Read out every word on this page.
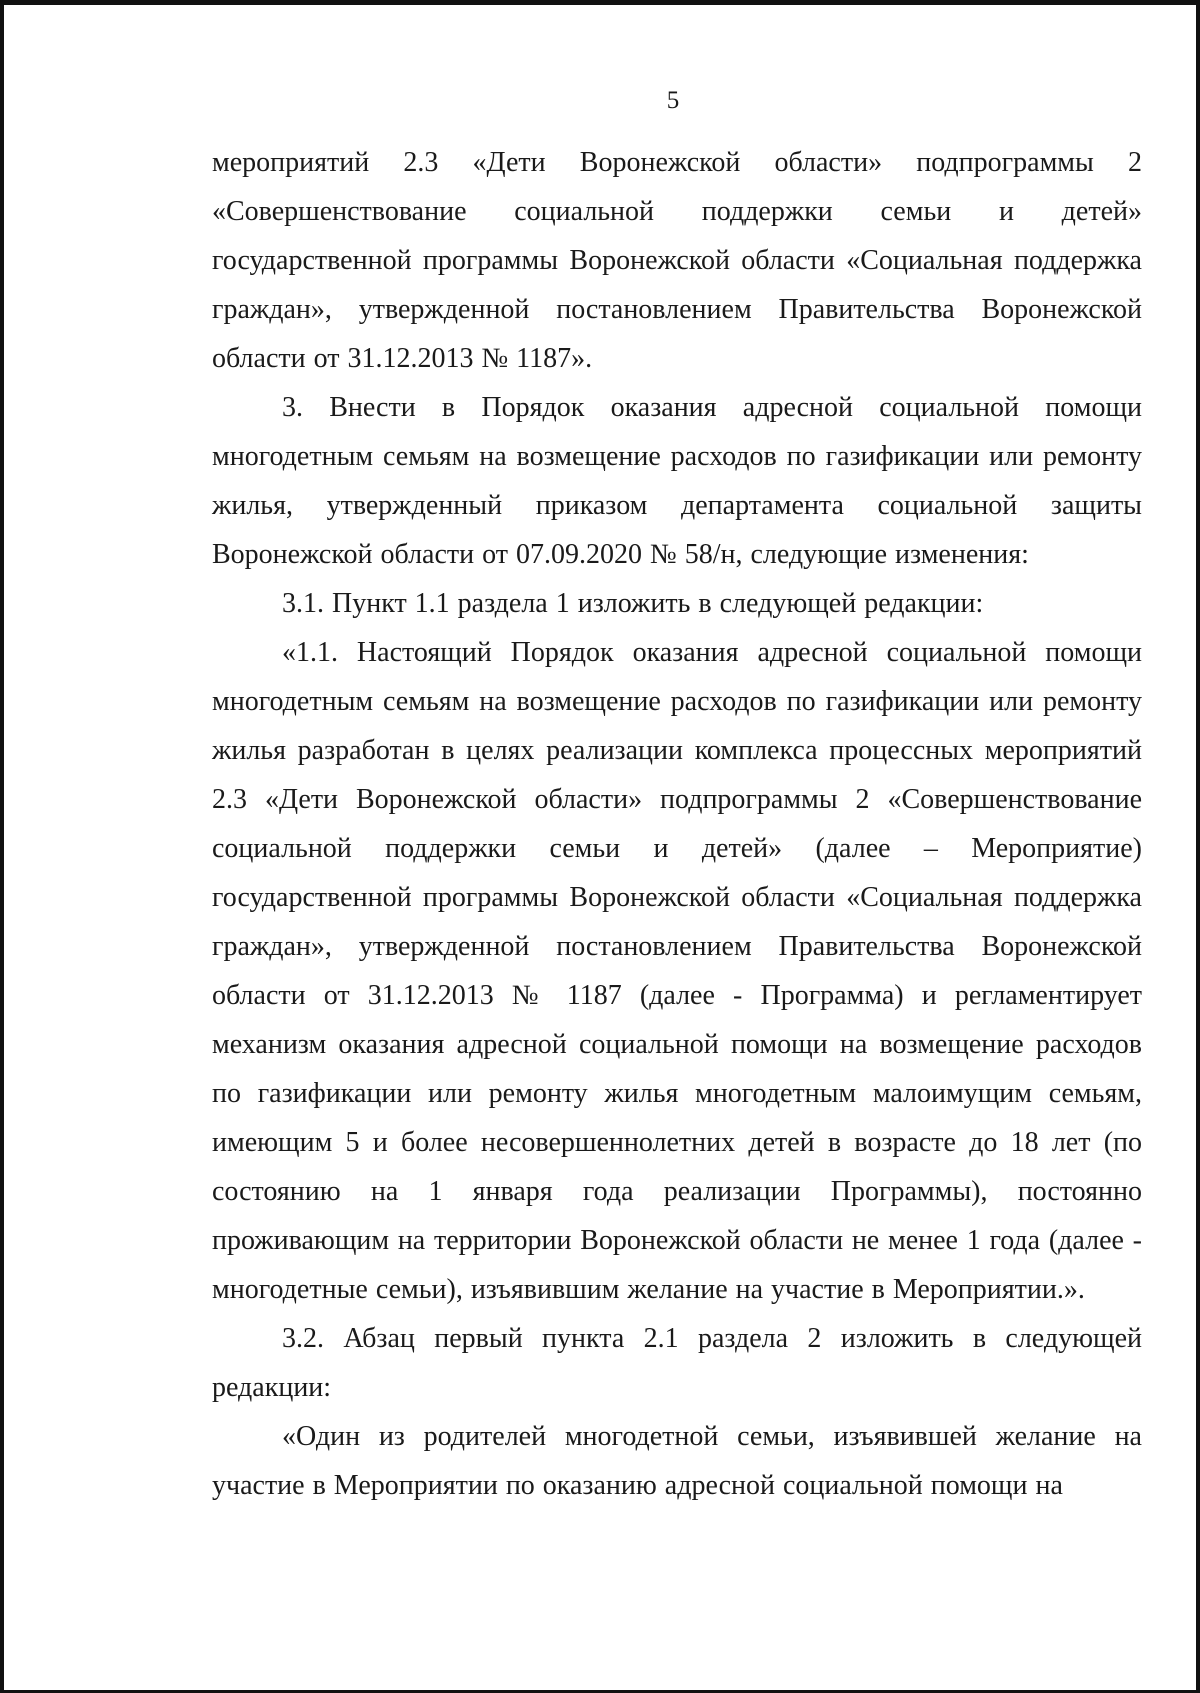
5

мероприятий 2.3 «Дети Воронежской области» подпрограммы 2 «Совершенствование социальной поддержки семьи и детей» государственной программы Воронежской области «Социальная поддержка граждан», утвержденной постановлением Правительства Воронежской области от 31.12.2013 № 1187».

3. Внести в Порядок оказания адресной социальной помощи многодетным семьям на возмещение расходов по газификации или ремонту жилья, утвержденный приказом департамента социальной защиты Воронежской области от 07.09.2020 № 58/н, следующие изменения:

3.1. Пункт 1.1 раздела 1 изложить в следующей редакции:

«1.1. Настоящий Порядок оказания адресной социальной помощи многодетным семьям на возмещение расходов по газификации или ремонту жилья разработан в целях реализации комплекса процессных мероприятий 2.3 «Дети Воронежской области» подпрограммы 2 «Совершенствование социальной поддержки семьи и детей» (далее – Мероприятие) государственной программы Воронежской области «Социальная поддержка граждан», утвержденной постановлением Правительства Воронежской области от 31.12.2013 № 1187 (далее - Программа) и регламентирует механизм оказания адресной социальной помощи на возмещение расходов по газификации или ремонту жилья многодетным малоимущим семьям, имеющим 5 и более несовершеннолетних детей в возрасте до 18 лет (по состоянию на 1 января года реализации Программы), постоянно проживающим на территории Воронежской области не менее 1 года (далее - многодетные семьи), изъявившим желание на участие в Мероприятии.».

3.2. Абзац первый пункта 2.1 раздела 2 изложить в следующей редакции:

«Один из родителей многодетной семьи, изъявившей желание на участие в Мероприятии по оказанию адресной социальной помощи на
